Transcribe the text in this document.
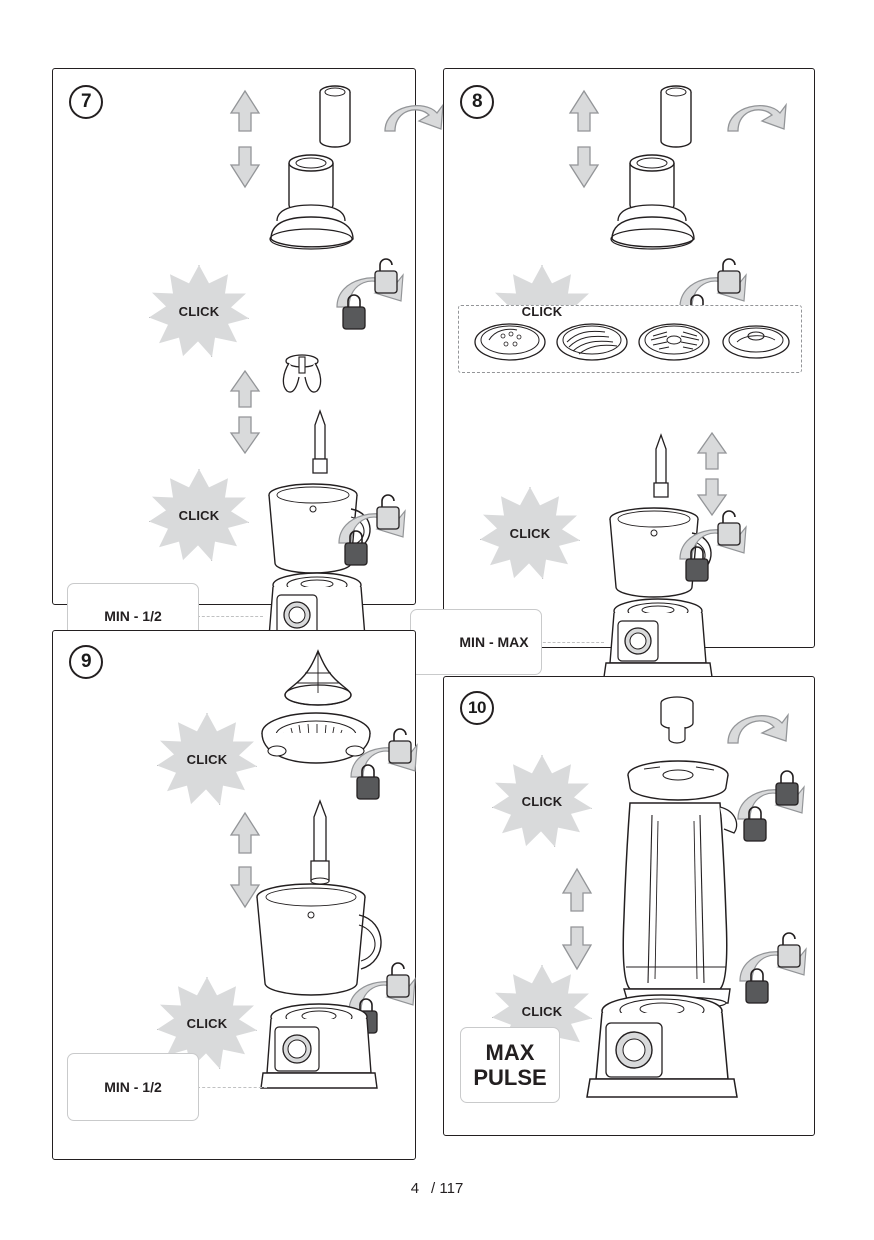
7
CLICK
CLICK
MIN - 1/2
8
CLICK
CLICK
MIN - MAX
9
CLICK
CLICK
MIN - 1/2
10
CLICK
CLICK
MAX
PULSE
4 / 117
